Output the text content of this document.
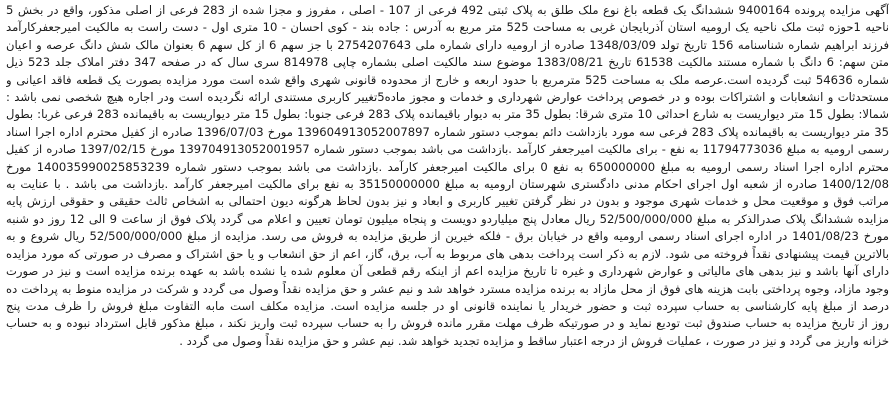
آگهی مزایده پرونده 9400164 ششدانگ یک قطعه باغ نوع ملک طلق به پلاک ثبتی 492 فرعی از 107 - اصلی ، مفروز و مجزا شده از 283 فرعی از اصلی مذکور، واقع در بخش 5
ناحیه 1حوزه ثبت ملک ناحیه یک ارومیه استان آذربایجان غربی به مساحت 525 متر مربع به آدرس : جاده بند - کوی احسان - 10 متری اول - دست راست به مالکیت امیرجعفرکارآمد
فرزند ابراهیم شماره شناسنامه 156 تاریخ تولد 1348/03/09 صادره از ارومیه دارای شماره ملی 2754207643 با جز سهم 6 از کل سهم 6 بعنوان مالک شش دانگ عرصه و اعیان
متن سهم: 6 دانگ با شماره مستند مالکیت 61538 تاریخ 1383/08/21 موضوع سند مالکیت اصلی بشماره چاپی 814978 سری سال که در صفحه 347 دفتر املاک جلد 523 ذیل
شماره 54636 ثبت گردیده است.عرصه ملک به مساحت 525 مترمربع با حدود اربعه و خارج از محدوده قانونی شهری واقع شده است مورد مزایده بصورت یک قطعه فاقد اعیانی و
مستحدثات و انشعابات و اشتراکات بوده و در خصوص پرداخت عوارض شهرداری و خدمات و مجوز ماده5تغییر کاربری مستندی ارائه نگردیده است ودر اجاره هیچ شخصی نمی باشد :
شمالا: بطول 15 متر دیواریست به شارع احداثی 10 متری شرقا: بطول 35 متر به دیوار باقیمانده پلاک 283 فرعی جنوبا: بطول 15 متر دیواریست به باقیمانده 283 فرعی غربا: بطول
35 متر دیواریست به باقیمانده پلاک 283 فرعی سه مورد بازداشت دائم بموجب دستور شماره 139604913052007897 مورخ 1396/07/03 صادره از کفیل محترم اداره اجرا اسناد
رسمی ارومیه به مبلغ 11794773036 به نفع - برای مالکیت امیرجعفر کارآمد .بازداشت می باشد بموجب دستور شماره 139704913052001957 مورخ 1397/02/15 صادره از کفیل
محترم اداره اجرا اسناد رسمی ارومیه به مبلغ 650000000 به نفع 0 برای مالکیت امیرجعفر کارآمد .بازداشت می باشد بموجب دستور شماره 140035990025853239 مورخ
1400/12/08 صادره از شعبه اول اجرای احکام مدنی دادگستری شهرستان ارومیه به مبلغ 35150000000 به نفع برای مالکیت امیرجعفر کارآمد .بازداشت می باشد . با عنایت به
مراتب فوق و موقعیت محل و خدمات شهری موجود و بدون در نظر گرفتن تغییر کاربری و ابعاد و نیز بدون لحاظ هرگونه دیون احتمالی به اشخاص ثالث حقیقی و حقوقی ارزش پایه
مزایده ششدانگ پلاک صدرالذکر به مبلغ 52/500/000/000 ریال معادل پنج میلیاردو دویست و پنجاه میلیون تومان تعیین و اعلام می گردد پلاک فوق از ساعت 9 الی 12 روز دو شنبه
مورخ 1401/08/23 در اداره اجرای اسناد رسمی ارومیه واقع در خیابان برق - فلکه خیرین از طریق مزایده به فروش می رسد. مزایده از مبلغ 52/500/000/000 ریال شروع و به
بالاترین قیمت پیشنهادی نقداً فروخته می شود. لازم به ذکر است پرداخت بدهی های مربوط به آب، برق، گاز، اعم از حق انشعاب و یا حق اشتراک و مصرف در صورتی که مورد مزایده
دارای آنها باشد و نیز بدهی های مالیاتی و عوارض شهرداری و غیره تا تاریخ مزایده اعم از اینکه رقم قطعی آن معلوم شده یا نشده باشد به عهده برنده مزایده است و نیز در صورت
وجود مازاد، وجوه پرداختی بابت هزینه های فوق از محل مازاد به برنده مزایده مسترد خواهد شد و نیم عشر و حق مزایده نقداً وصول می گردد و شرکت در مزایده منوط به پرداخت ده
درصد از مبلغ پایه کارشناسی به حساب سپرده ثبت و حضور خریدار یا نماینده قانونی او در جلسه مزایده است. مزایده مکلف است مابه التفاوت مبلغ فروش را ظرف مدت پنج
روز از تاریخ مزایده به حساب صندوق ثبت تودیع نماید و در صورتیکه ظرف مهلت مقرر مانده فروش را به حساب سپرده ثبت واریز نکند ، مبلغ مذکور قابل استرداد نبوده و به حساب
خزانه واریز می گردد و نیز در صورت ، عملیات فروش از درجه اعتبار ساقط و مزایده تجدید خواهد شد. نیم عشر و حق مزایده نقداً وصول می گردد .
